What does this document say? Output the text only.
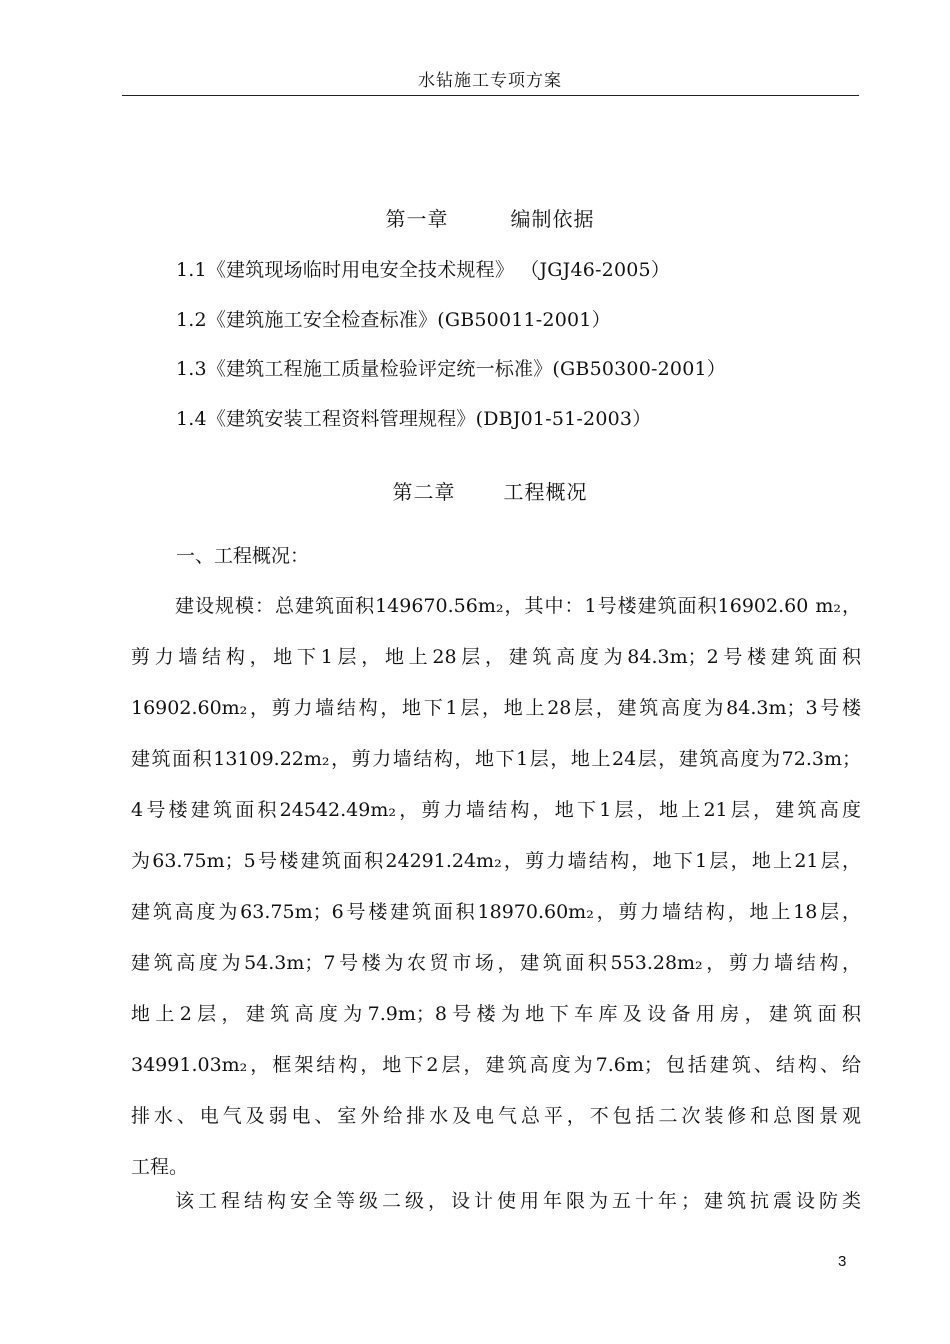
水钻施工专项方案
第一章	编制依据
1.1《建筑现场临时用电安全技术规程》 （JGJ46-2005）
1.2《建筑施工安全检查标准》(GB50011-2001）
1.3《建筑工程施工质量检验评定统一标准》(GB50300-2001）
1.4《建筑安装工程资料管理规程》(DBJ01-51-2003）
第二章 工程概况
一、工程概况：
建设规模：总建筑面积149670.56m₂，其中：1号楼建筑面积16902.60 m₂，
剪力墙结构，地下1层，地上28层，建筑高度为84.3m；2号楼建筑面积
16902.60m₂，剪力墙结构，地下1层，地上28层，建筑高度为84.3m；3号楼
建筑面积13109.22m₂，剪力墙结构，地下1层，地上24层，建筑高度为72.3m；
4号楼建筑面积24542.49m₂，剪力墙结构，地下1层，地上21层，建筑高度
为63.75m；5号楼建筑面积24291.24m₂，剪力墙结构，地下1层，地上21层，
建筑高度为63.75m；6号楼建筑面积18970.60m₂，剪力墙结构，地上18层，
建筑高度为54.3m；7号楼为农贸市场，建筑面积553.28m₂，剪力墙结构，
地上2层，建筑高度为7.9m；8号楼为地下车库及设备用房，建筑面积
34991.03m₂，框架结构，地下2层，建筑高度为7.6m；包括建筑、结构、给
排水、电气及弱电、室外给排水及电气总平，不包括二次装修和总图景观
工程。
该工程结构安全等级二级，设计使用年限为五十年；建筑抗震设防类
3
